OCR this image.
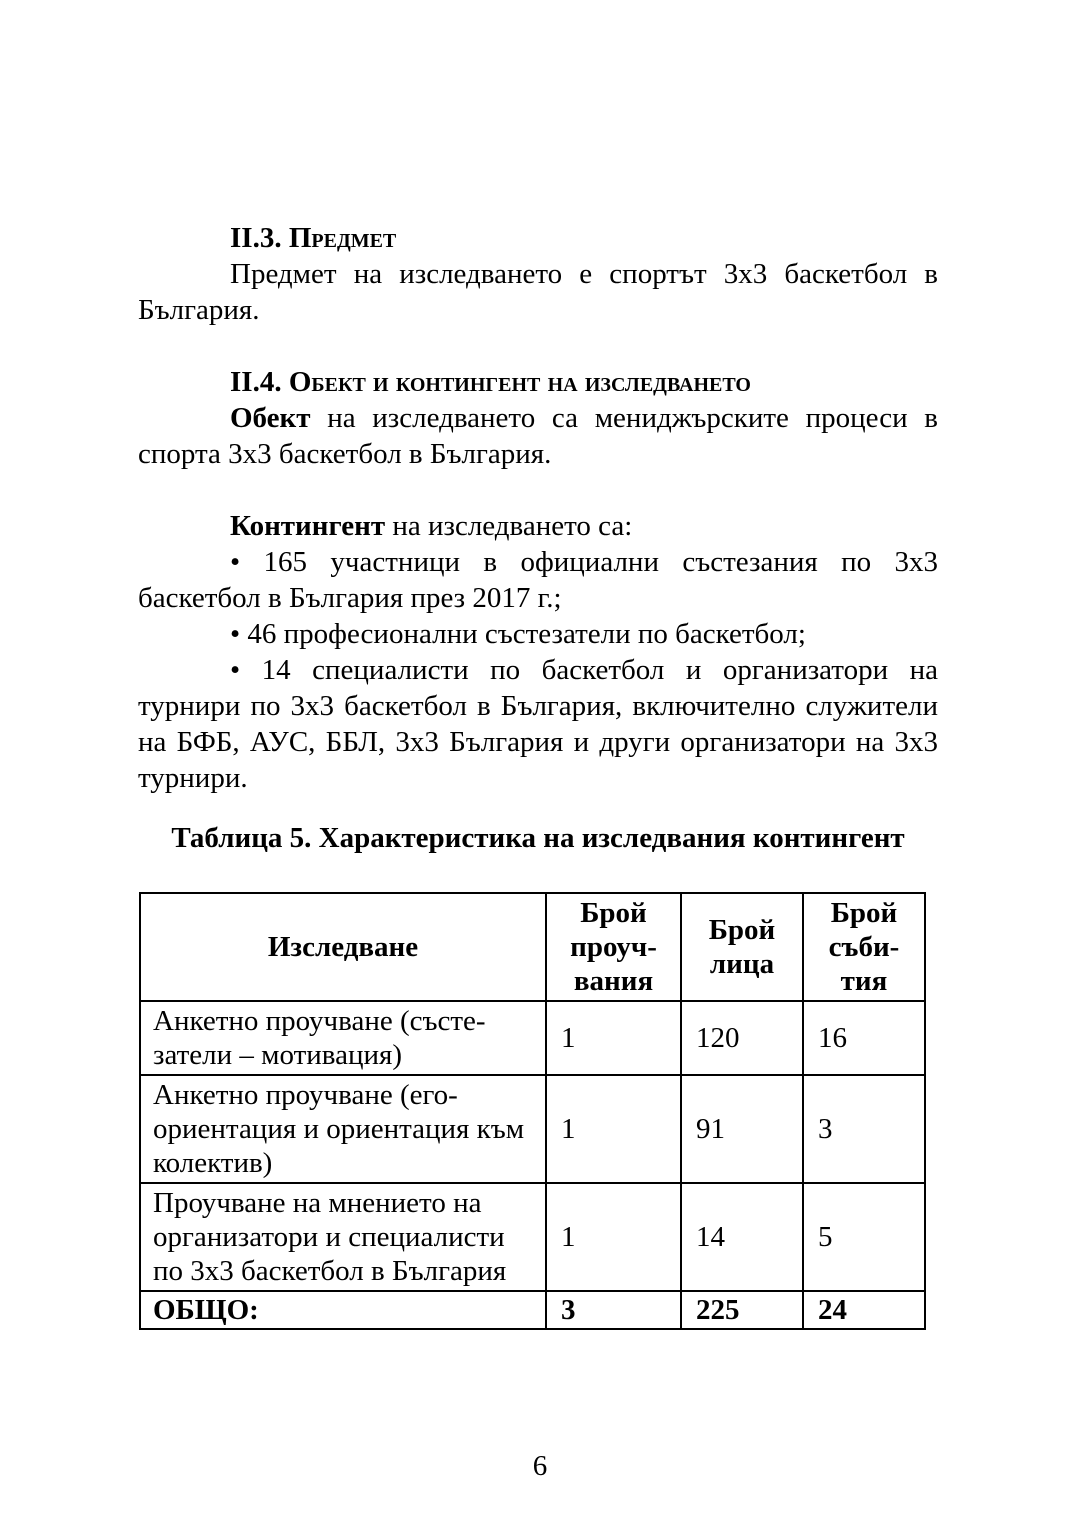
II.3. Предмет

Предмет на изследването е спортът 3х3 баскетбол в България.

II.4. Обект и контингент на изследването

Обект на изследването са мениджърските процеси в спорта 3х3 баскетбол в България.

Контингент на изследването са:

• 165 участници в официални състезания по 3х3 баскетбол в България през 2017 г.;

• 46 професионални състезатели по баскетбол;

• 14 специалисти по баскетбол и организатори на турнири по 3х3 баскетбол в България, включително служители на БФБ, АУС, ББЛ, 3х3 България и други организатори на 3х3 турнири.

Таблица 5. Характеристика на изследвания контингент

Изследване	Брой проуч-вания	Брой лица	Брой съби-тия
Анкетно проучване (състе-затели – мотивация)	1	120	16
Анкетно проучване (его-ориентация и ориентация към колектив)	1	91	3
Проучване на мнението на организатори и специалисти по 3х3 баскетбол в България	1	14	5
ОБЩО:	3	225	24
6
